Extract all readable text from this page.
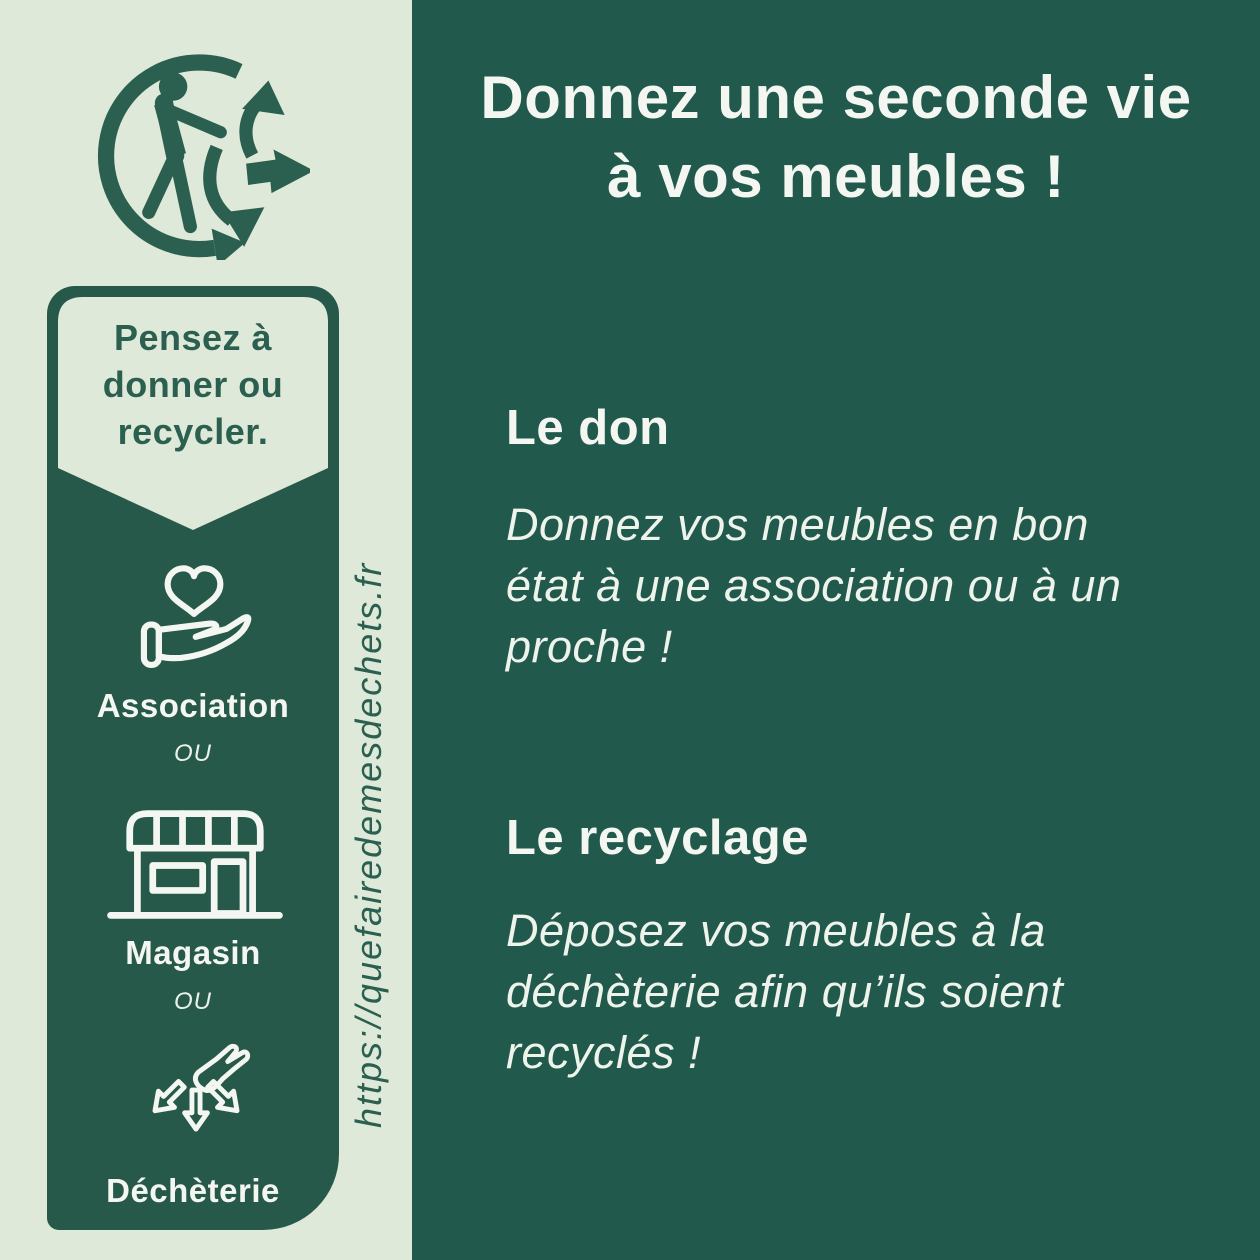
Pensez à
donner ou
recycler.
Association
OU
Magasin
OU
Déchèterie
https://quefairedemesdechets.fr
Donnez une seconde vie
à vos meubles !
Le don
Donnez vos meubles en bon
état à une association ou à un
proche !
Le recyclage
Déposez vos meubles à la
déchèterie afin qu’ils soient
recyclés !
